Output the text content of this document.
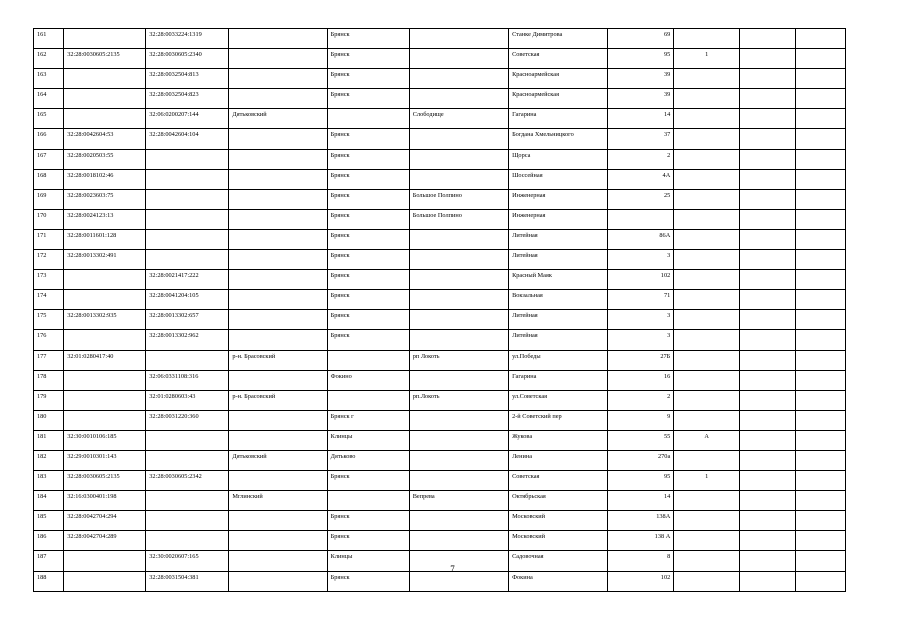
161		32:28:0033224:1319		Брянск		Станке Димитрова	69			
162	32:28:0030605:2135	32:28:0030605:2340		Брянск		Советская	95	1		
163		32:28:0032504:813		Брянск		Красноармейская	39			
164		32:28:0032504:823		Брянск		Красноармейская	39			
165		32:06:0200207:144	Дятьковский		Слободище	Гагарина	14			
166	32:28:0042604:53	32:28:0042604:104		Брянск		Богдана Хмельницкого	37			
167	32:28:0020503:55			Брянск		Щорса	2			
168	32:28:0018102:46			Брянск		Шоссейная	4А			
169	32:28:0023603:75			Брянск	Большое Полпино	Инженерная	25			
170	32:28:0024123:13			Брянск	Большое Полпино	Инженерная				
171	32:28:0011601:128			Брянск		Литейная	86А			
172	32:28:0013302:491			Брянск		Литейная	3			
173		32:28:0021417:222		Брянск		Красный Маяк	102			
174		32:28:0041204:105		Брянск		Вокзальная	71			
175	32:28:0013302:935	32:28:0013302:657		Брянск		Литейная	3			
176		32:28:0013302:962		Брянск		Литейная	3			
177	32:01:0280417:40		р-н. Брасовский		рп Локоть	ул.Победы	27Б			
178		32:06:0331108:316		Фокино		Гагарина	16			
179		32:01:0280603:43	р-н. Брасовский		рп.Локоть	ул.Советская	2			
180		32:28:0031220:360		Брянск г		2-й Советский пер	9			
181	32:30:0010106:185			Клинцы		Жукова	55	А		
182	32:29:0010301:143		Дятьковский	Дятьково		Ленина	270а			
183	32:28:0030605:2135	32:28:0030605:2342		Брянск		Советская	95	1		
184	32:16:0300401:198		Мглинский		Вепрева	Октябрьская	14			
185	32:28:0042704:294			Брянск		Московский	138А			
186	32:28:0042704:289			Брянск		Московский	138 А			
187		32:30:0020607:165		Клинцы		Садовочная	8			
188		32:28:0031504:381		Брянск		Фокина	102			
7
